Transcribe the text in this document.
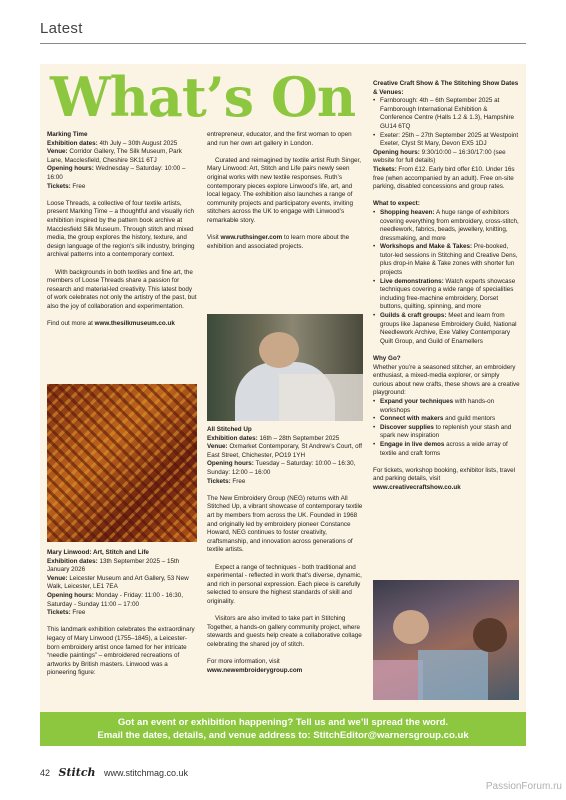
Latest
What’s On

Marking Time
Exhibition dates: 4th July – 30th August 2025
Venue: Corridor Gallery, The Silk Museum, Park Lane, Macclesfield, Cheshire SK11 6TJ
Opening hours: Wednesday – Saturday: 10:00 – 16:00
Tickets: Free

Loose Threads, a collective of four textile artists, present Marking Time – a thoughtful and visually rich exhibition inspired by the pattern book archive at Macclesfield Silk Museum. Through stitch and mixed media, the group explores the history, texture, and design language of the region’s silk industry, bringing archival patterns into a contemporary context.

With backgrounds in both textiles and fine art, the members of Loose Threads share a passion for research and material-led creativity. This latest body of work celebrates not only the artistry of the past, but also the joy of collaboration and experimentation.

Find out more at www.thesilkmuseum.co.uk

Mary Linwood: Art, Stitch and Life
Exhibition dates: 13th September 2025 – 15th January 2026
Venue: Leicester Museum and Art Gallery, 53 New Walk, Leicester, LE1 7EA
Opening hours: Monday - Friday: 11:00 - 16:30, Saturday - Sunday 11:00 – 17:00
Tickets: Free

This landmark exhibition celebrates the extraordinary legacy of Mary Linwood (1755–1845), a Leicester-born embroidery artist once famed for her intricate “needle paintings” – embroidered recreations of artworks by British masters. Linwood was a pioneering figure:

entrepreneur, educator, and the first woman to open and run her own art gallery in London.

Curated and reimagined by textile artist Ruth Singer, Mary Linwood: Art, Stitch and Life pairs newly seen original works with new textile responses. Ruth’s contemporary pieces explore Linwood’s life, art, and local legacy. The exhibition also launches a range of community projects and participatory events, inviting stitchers across the UK to engage with Linwood’s remarkable story.

Visit www.ruthsinger.com to learn more about the exhibition and associated projects.

All Stitched Up
Exhibition dates: 16th – 28th September 2025
Venue: Oxmarket Contemporary, St Andrew’s Court, off East Street, Chichester, PO19 1YH
Opening hours: Tuesday – Saturday: 10:00 – 16:30, Sunday: 12:00 – 16:00
Tickets: Free

The New Embroidery Group (NEG) returns with All Stitched Up, a vibrant showcase of contemporary textile art by members from across the UK. Founded in 1968 and originally led by embroidery pioneer Constance Howard, NEG continues to foster creativity, craftsmanship, and innovation across generations of textile artists.

Expect a range of techniques - both traditional and experimental - reflected in work that’s diverse, dynamic, and rich in personal expression. Each piece is carefully selected to ensure the highest standards of skill and originality.

Visitors are also invited to take part in Stitching Together, a hands-on gallery community project, where stewards and guests help create a collaborative collage celebrating the shared joy of stitch.

For more information, visit
www.newembroiderygroup.com

Creative Craft Show & The Stitching Show Dates & Venues:

• Farnborough: 4th – 6th September 2025 at Farnborough International Exhibition & Conference Centre (Halls 1.2 & 1.3), Hampshire GU14 6TQ
• Exeter: 25th – 27th September 2025 at Westpoint Exeter, Clyst St Mary, Devon EX5 1DJ

Opening hours: 9:30/10:00 – 16:30/17:00 (see website for full details)
Tickets: From £12. Early bird offer £10. Under 16s free (when accompanied by an adult). Free on-site parking, disabled concessions and group rates.

What to expect:

• Shopping heaven: A huge range of exhibitors covering everything from embroidery, cross-stitch, needlework, fabrics, beads, jewellery, knitting, dressmaking, and more
• Workshops and Make & Takes: Pre-booked, tutor-led sessions in Stitching and Creative Dens, plus drop-in Make & Take zones with shorter fun projects
• Live demonstrations: Watch experts showcase techniques covering a wide range of specialities including free-machine embroidery, Dorset buttons, quilting, spinning, and more
• Guilds & craft groups: Meet and learn from groups like Japanese Embroidery Guild, National Needlework Archive, Exe Valley Contemporary Quilt Group, and Guild of Enamellers

Why Go?

Whether you’re a seasoned stitcher, an embroidery enthusiast, a mixed-media explorer, or simply curious about new crafts, these shows are a creative playground:

• Expand your techniques with hands-on workshops
• Connect with makers and guild mentors
• Discover supplies to replenish your stash and spark new inspiration
• Engage in live demos across a wide array of textile and craft forms

For tickets, workshop booking, exhibitor lists, travel and parking details, visit
www.creativecraftshow.co.uk

Got an event or exhibition happening? Tell us and we’ll spread the word.
Email the dates, details, and venue address to: StitchEditor@warnersgroup.co.uk
42 Stitch www.stitchmag.co.uk
PassionForum.ru
